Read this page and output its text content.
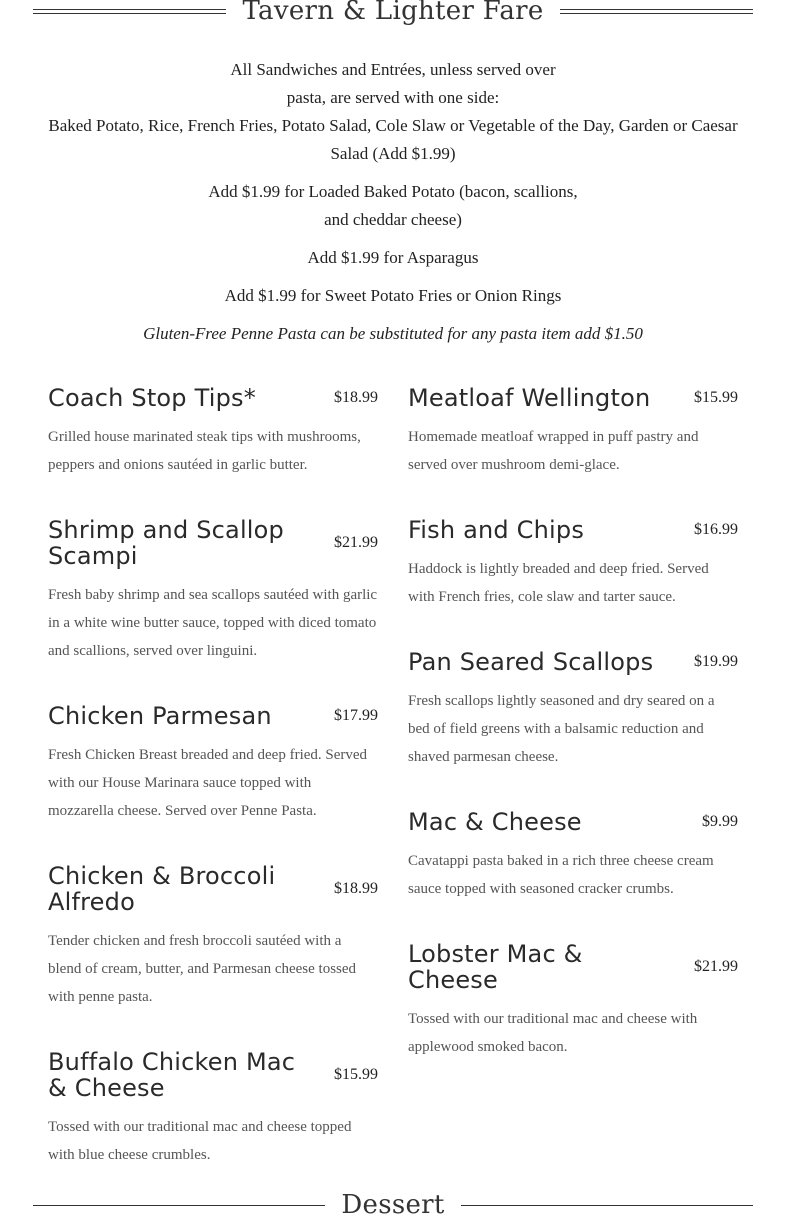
Tavern & Lighter Fare

All Sandwiches and Entrées, unless served over
pasta, are served with one side:
Baked Potato, Rice, French Fries, Potato Salad, Cole Slaw or Vegetable of the Day, Garden or Caesar Salad (Add $1.99)

Add $1.99 for Loaded Baked Potato (bacon, scallions,
and cheddar cheese)

Add $1.99 for Asparagus

Add $1.99 for Sweet Potato Fries or Onion Rings

Gluten-Free Penne Pasta can be substituted for any pasta item add $1.50

Coach Stop Tips*	$18.99
Grilled house marinated steak tips with mushrooms, peppers and onions sautéed in garlic butter.
Shrimp and Scallop Scampi	$21.99
Fresh baby shrimp and sea scallops sautéed with garlic in a white wine butter sauce, topped with diced tomato and scallions, served over linguini.
Chicken Parmesan	$17.99
Fresh Chicken Breast breaded and deep fried. Served with our House Marinara sauce topped with mozzarella cheese. Served over Penne Pasta.
Chicken & Broccoli Alfredo	$18.99
Tender chicken and fresh broccoli sautéed with a blend of cream, butter, and Parmesan cheese tossed with penne pasta.
Buffalo Chicken Mac & Cheese	$15.99
Tossed with our traditional mac and cheese topped with blue cheese crumbles.
Meatloaf Wellington	$15.99
Homemade meatloaf wrapped in puff pastry and served over mushroom demi-glace.
Fish and Chips	$16.99
Haddock is lightly breaded and deep fried. Served with French fries, cole slaw and tarter sauce.
Pan Seared Scallops	$19.99
Fresh scallops lightly seasoned and dry seared on a bed of field greens with a balsamic reduction and shaved parmesan cheese.
Mac & Cheese	$9.99
Cavatappi pasta baked in a rich three cheese cream sauce topped with seasoned cracker crumbs.
Lobster Mac & Cheese	$21.99
Tossed with our traditional mac and cheese with applewood smoked bacon.
Dessert
